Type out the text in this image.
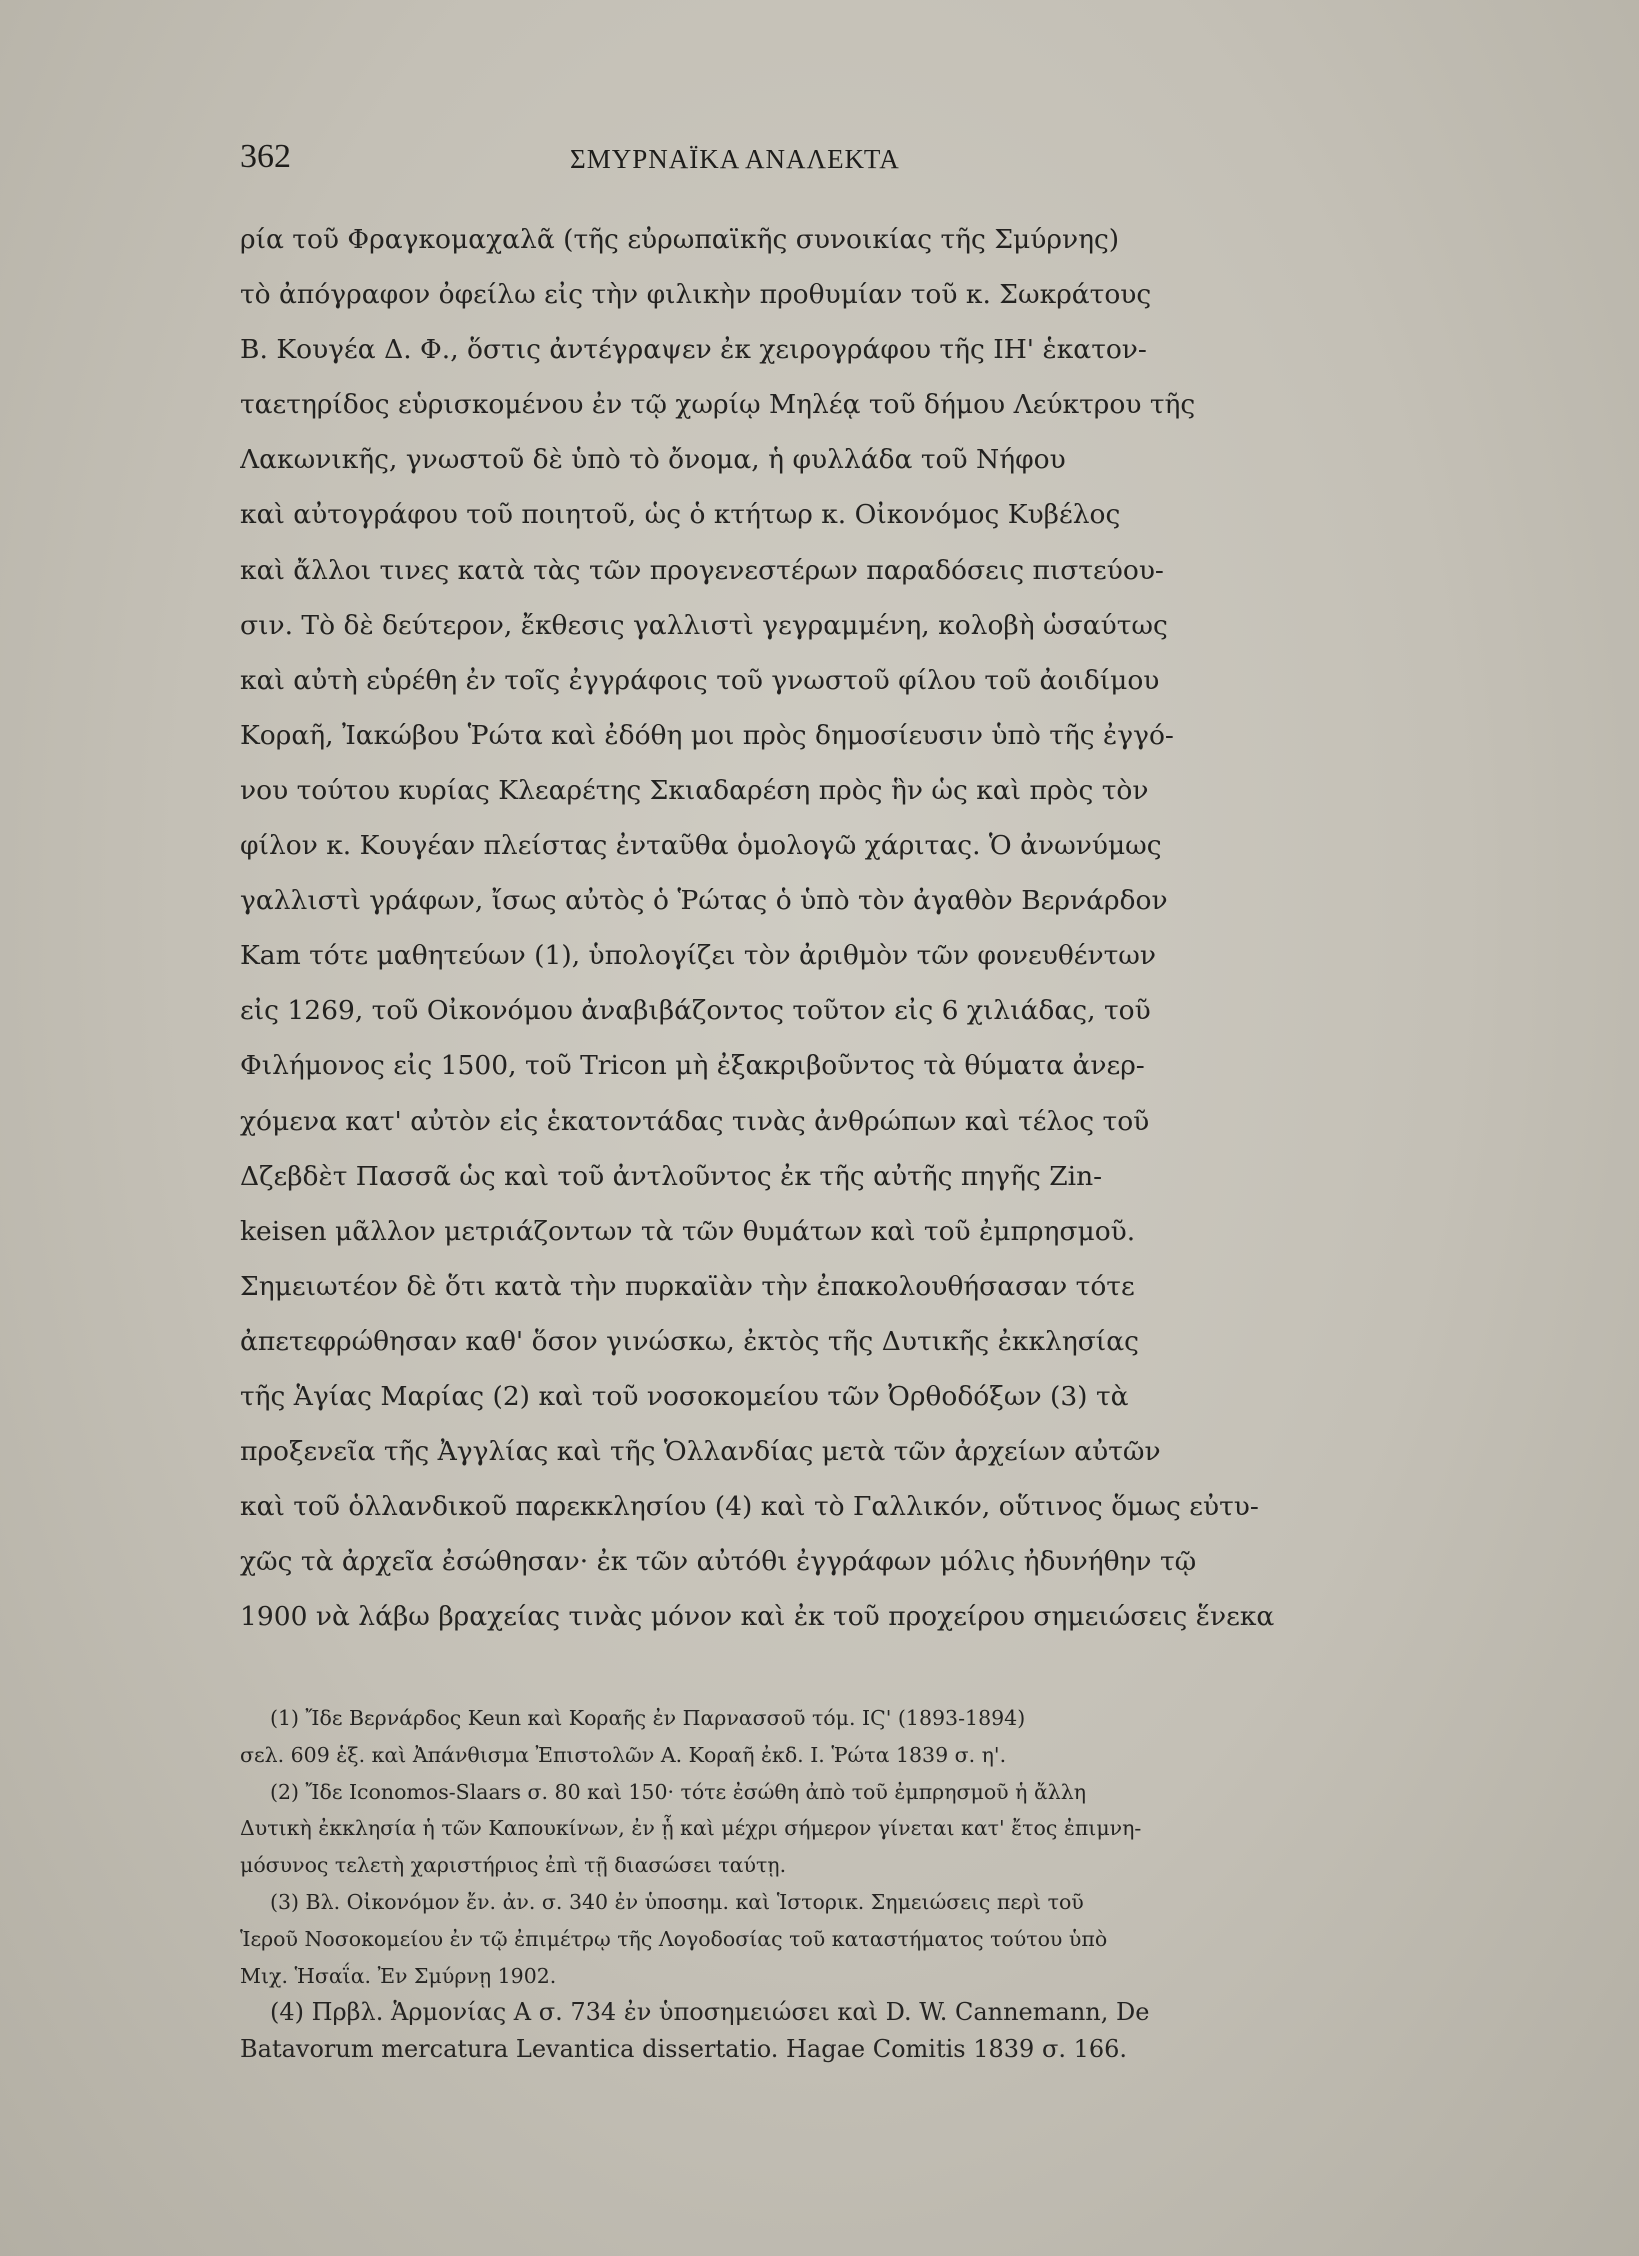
362	ΣΜΥΡΝΑΪΚΑ ΑΝΑΛΕΚΤΑ
ρία τοῦ Φραγκομαχαλᾶ (τῆς εὐρωπαϊκῆς συνοικίας τῆς Σμύρνης)
τὸ ἀπόγραφον ὀφείλω εἰς τὴν φιλικὴν προθυμίαν τοῦ κ. Σωκράτους
Β. Κουγέα Δ. Φ., ὅστις ἀντέγραψεν ἐκ χειρογράφου τῆς ΙΗ' ἑκατον-
ταετηρίδος εὑρισκομένου ἐν τῷ χωρίῳ Μηλέᾳ τοῦ δήμου Λεύκτρου τῆς
Λακωνικῆς, γνωστοῦ δὲ ὑπὸ τὸ ὄνομα, ἡ φυλλάδα τοῦ Νήφου
καὶ αὐτογράφου τοῦ ποιητοῦ, ὡς ὁ κτήτωρ κ. Οἰκονόμος Κυβέλος
καὶ ἄλλοι τινες κατὰ τὰς τῶν προγενεστέρων παραδόσεις πιστεύου-
σιν. Τὸ δὲ δεύτερον, ἔκθεσις γαλλιστὶ γεγραμμένη, κολοβὴ ὡσαύτως
καὶ αὐτὴ εὑρέθη ἐν τοῖς ἐγγράφοις τοῦ γνωστοῦ φίλου τοῦ ἀοιδίμου
Κοραῆ, Ἰακώβου Ῥώτα καὶ ἐδόθη μοι πρὸς δημοσίευσιν ὑπὸ τῆς ἐγγό-
νου τούτου κυρίας Κλεαρέτης Σκιαδαρέση πρὸς ἣν ὡς καὶ πρὸς τὸν
φίλον κ. Κουγέαν πλείστας ἐνταῦθα ὁμολογῶ χάριτας. Ὁ ἀνωνύμως
γαλλιστὶ γράφων, ἴσως αὐτὸς ὁ Ῥώτας ὁ ὑπὸ τὸν ἀγαθὸν Βερνάρδον
Kam τότε μαθητεύων (1), ὑπολογίζει τὸν ἀριθμὸν τῶν φονευθέντων
εἰς 1269, τοῦ Οἰκονόμου ἀναβιβάζοντος τοῦτον εἰς 6 χιλιάδας, τοῦ
Φιλήμονος εἰς 1500, τοῦ Tricon μὴ ἐξακριβοῦντος τὰ θύματα ἀνερ-
χόμενα κατ' αὐτὸν εἰς ἑκατοντάδας τινὰς ἀνθρώπων καὶ τέλος τοῦ
Δζεβδὲτ Πασσᾶ ὡς καὶ τοῦ ἀντλοῦντος ἐκ τῆς αὐτῆς πηγῆς Zin-
keisen μᾶλλον μετριάζοντων τὰ τῶν θυμάτων καὶ τοῦ ἐμπρησμοῦ.
Σημειωτέον δὲ ὅτι κατὰ τὴν πυρκαϊὰν τὴν ἐπακολουθήσασαν τότε
ἀπετεφρώθησαν καθ' ὅσον γινώσκω, ἐκτὸς τῆς Δυτικῆς ἐκκλησίας
τῆς Ἁγίας Μαρίας (2) καὶ τοῦ νοσοκομείου τῶν Ὀρθοδόξων (3) τὰ
προξενεῖα τῆς Ἀγγλίας καὶ τῆς Ὁλλανδίας μετὰ τῶν ἀρχείων αὐτῶν
καὶ τοῦ ὁλλανδικοῦ παρεκκλησίου (4) καὶ τὸ Γαλλικόν, οὕτινος ὅμως εὐτυ-
χῶς τὰ ἀρχεῖα ἐσώθησαν· ἐκ τῶν αὐτόθι ἐγγράφων μόλις ἠδυνήθην τῷ
1900 νὰ λάβω βραχείας τινὰς μόνον καὶ ἐκ τοῦ προχείρου σημειώσεις ἕνεκα
(1) Ἴδε Βερνάρδος Keun καὶ Κοραῆς ἐν Παρνασσοῦ τόμ. ΙϚ' (1893-1894)
σελ. 609 ἑξ. καὶ Ἀπάνθισμα Ἐπιστολῶν Α. Κοραῆ ἐκδ. Ι. Ῥώτα 1839 σ. η'.
(2) Ἴδε Iconomos-Slaars σ. 80 καὶ 150· τότε ἐσώθη ἀπὸ τοῦ ἐμπρησμοῦ ἡ ἄλλη
Δυτικὴ ἐκκλησία ἡ τῶν Καπουκίνων, ἐν ᾗ καὶ μέχρι σήμερον γίνεται κατ' ἔτος ἐπιμνη-
μόσυνος τελετὴ χαριστήριος ἐπὶ τῇ διασώσει ταύτῃ.
(3) Βλ. Οἰκονόμον ἔν. ἀν. σ. 340 ἐν ὑποσημ. καὶ Ἱστορικ. Σημειώσεις περὶ τοῦ
Ἱεροῦ Νοσοκομείου ἐν τῷ ἐπιμέτρῳ τῆς Λογοδοσίας τοῦ καταστήματος τούτου ὑπὸ
Μιχ. Ἡσαΐα. Ἐν Σμύρνῃ 1902.
(4) Πρβλ. Ἁρμονίας Α σ. 734 ἐν ὑποσημειώσει καὶ D. W. Cannemann, De
Batavorum mercatura Levantica dissertatio. Hagae Comitis 1839 σ. 166.
